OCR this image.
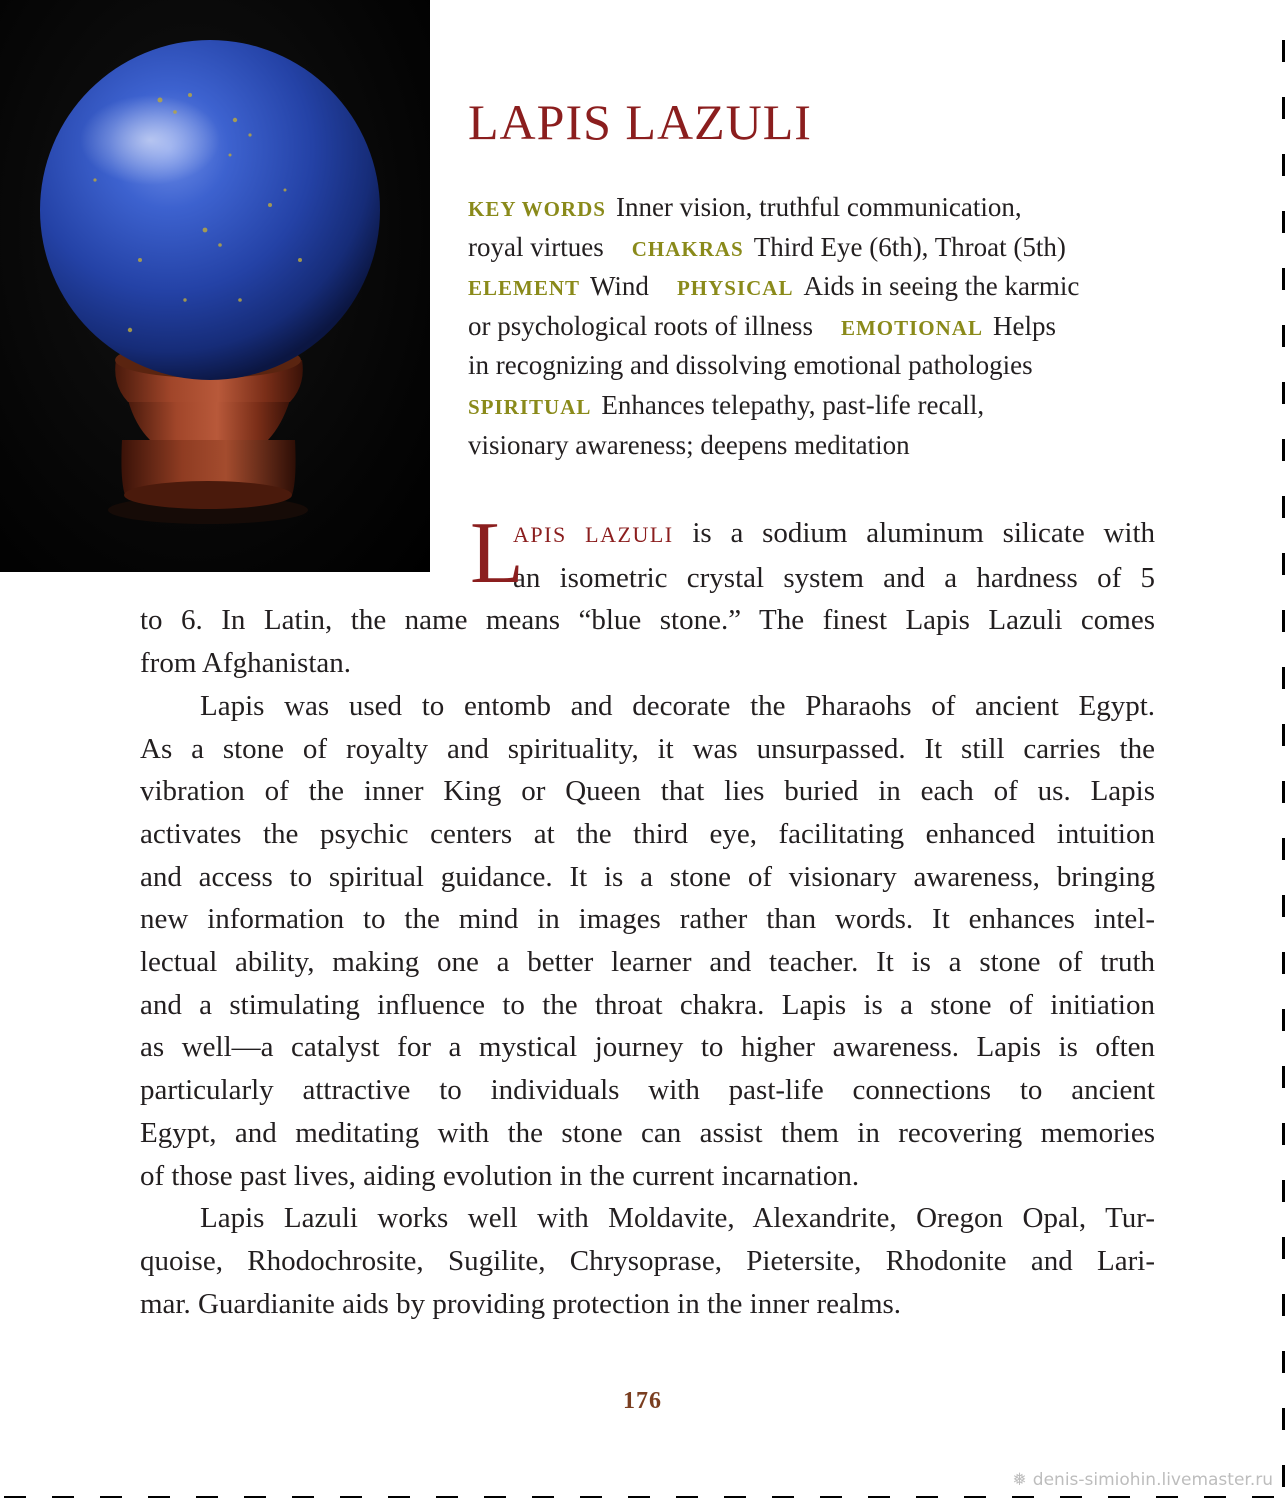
LAPIS LAZULI
KEY WORDS Inner vision, truthful communication,
royal virtues CHAKRAS Third Eye (6th), Throat (5th)
ELEMENT Wind PHYSICAL Aids in seeing the karmic
or psychological roots of illness EMOTIONAL Helps
in recognizing and dissolving emotional pathologies
SPIRITUAL Enhances telepathy, past-life recall,
visionary awareness; deepens meditation
L
APIS LAZULI is a sodium aluminum silicate with
an isometric crystal system and a hardness of 5
to 6. In Latin, the name means “blue stone.” The finest Lapis Lazuli comes
from Afghanistan.
Lapis was used to entomb and decorate the Pharaohs of ancient Egypt.
As a stone of royalty and spirituality, it was unsurpassed. It still carries the
vibration of the inner King or Queen that lies buried in each of us. Lapis
activates the psychic centers at the third eye, facilitating enhanced intuition
and access to spiritual guidance. It is a stone of visionary awareness, bringing
new information to the mind in images rather than words. It enhances intel-
lectual ability, making one a better learner and teacher. It is a stone of truth
and a stimulating influence to the throat chakra. Lapis is a stone of initiation
as well—a catalyst for a mystical journey to higher awareness. Lapis is often
particularly attractive to individuals with past-life connections to ancient
Egypt, and meditating with the stone can assist them in recovering memories
of those past lives, aiding evolution in the current incarnation.
Lapis Lazuli works well with Moldavite, Alexandrite, Oregon Opal, Tur-
quoise, Rhodochrosite, Sugilite, Chrysoprase, Pietersite, Rhodonite and Lari-
mar. Guardianite aids by providing protection in the inner realms.
176
❅ denis-simiohin.livemaster.ru
